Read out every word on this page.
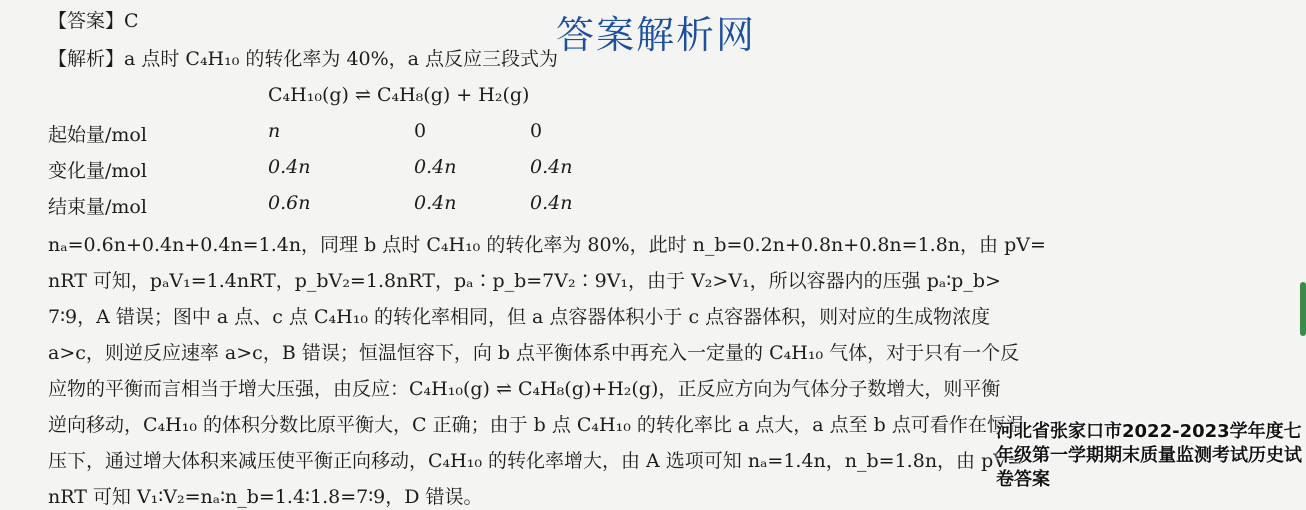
答案解析网
【答案】C
【解析】a 点时 C₄H₁₀ 的转化率为 40%，a 点反应三段式为
C₄H₁₀(g) ⇌ C₄H₈(g) + H₂(g)
起始量/mol	n	0	0
变化量/mol	0.4n	0.4n	0.4n
结束量/mol	0.6n	0.4n	0.4n
nₐ=0.6n+0.4n+0.4n=1.4n，同理 b 点时 C₄H₁₀ 的转化率为 80%，此时 n_b=0.2n+0.8n+0.8n=1.8n，由 pV=
nRT 可知，pₐV₁=1.4nRT，p_bV₂=1.8nRT，pₐ∶p_b=7V₂∶9V₁，由于 V₂>V₁，所以容器内的压强 pₐ∶p_b>
7∶9，A 错误；图中 a 点、c 点 C₄H₁₀ 的转化率相同，但 a 点容器体积小于 c 点容器体积，则对应的生成物浓度
a>c，则逆反应速率 a>c，B 错误；恒温恒容下，向 b 点平衡体系中再充入一定量的 C₄H₁₀ 气体，对于只有一个反
应物的平衡而言相当于增大压强，由反应：C₄H₁₀(g) ⇌ C₄H₈(g)+H₂(g)，正反应方向为气体分子数增大，则平衡
逆向移动，C₄H₁₀ 的体积分数比原平衡大，C 正确；由于 b 点 C₄H₁₀ 的转化率比 a 点大，a 点至 b 点可看作在恒温
压下，通过增大体积来减压使平衡正向移动，C₄H₁₀ 的转化率增大，由 A 选项可知 nₐ=1.4n，n_b=1.8n，由 pV=
nRT 可知 V₁∶V₂=nₐ∶n_b=1.4∶1.8=7∶9，D 错误。
河北省张家口市2022-2023学年度七年级第一学期期末质量监测考试历史试卷答案
